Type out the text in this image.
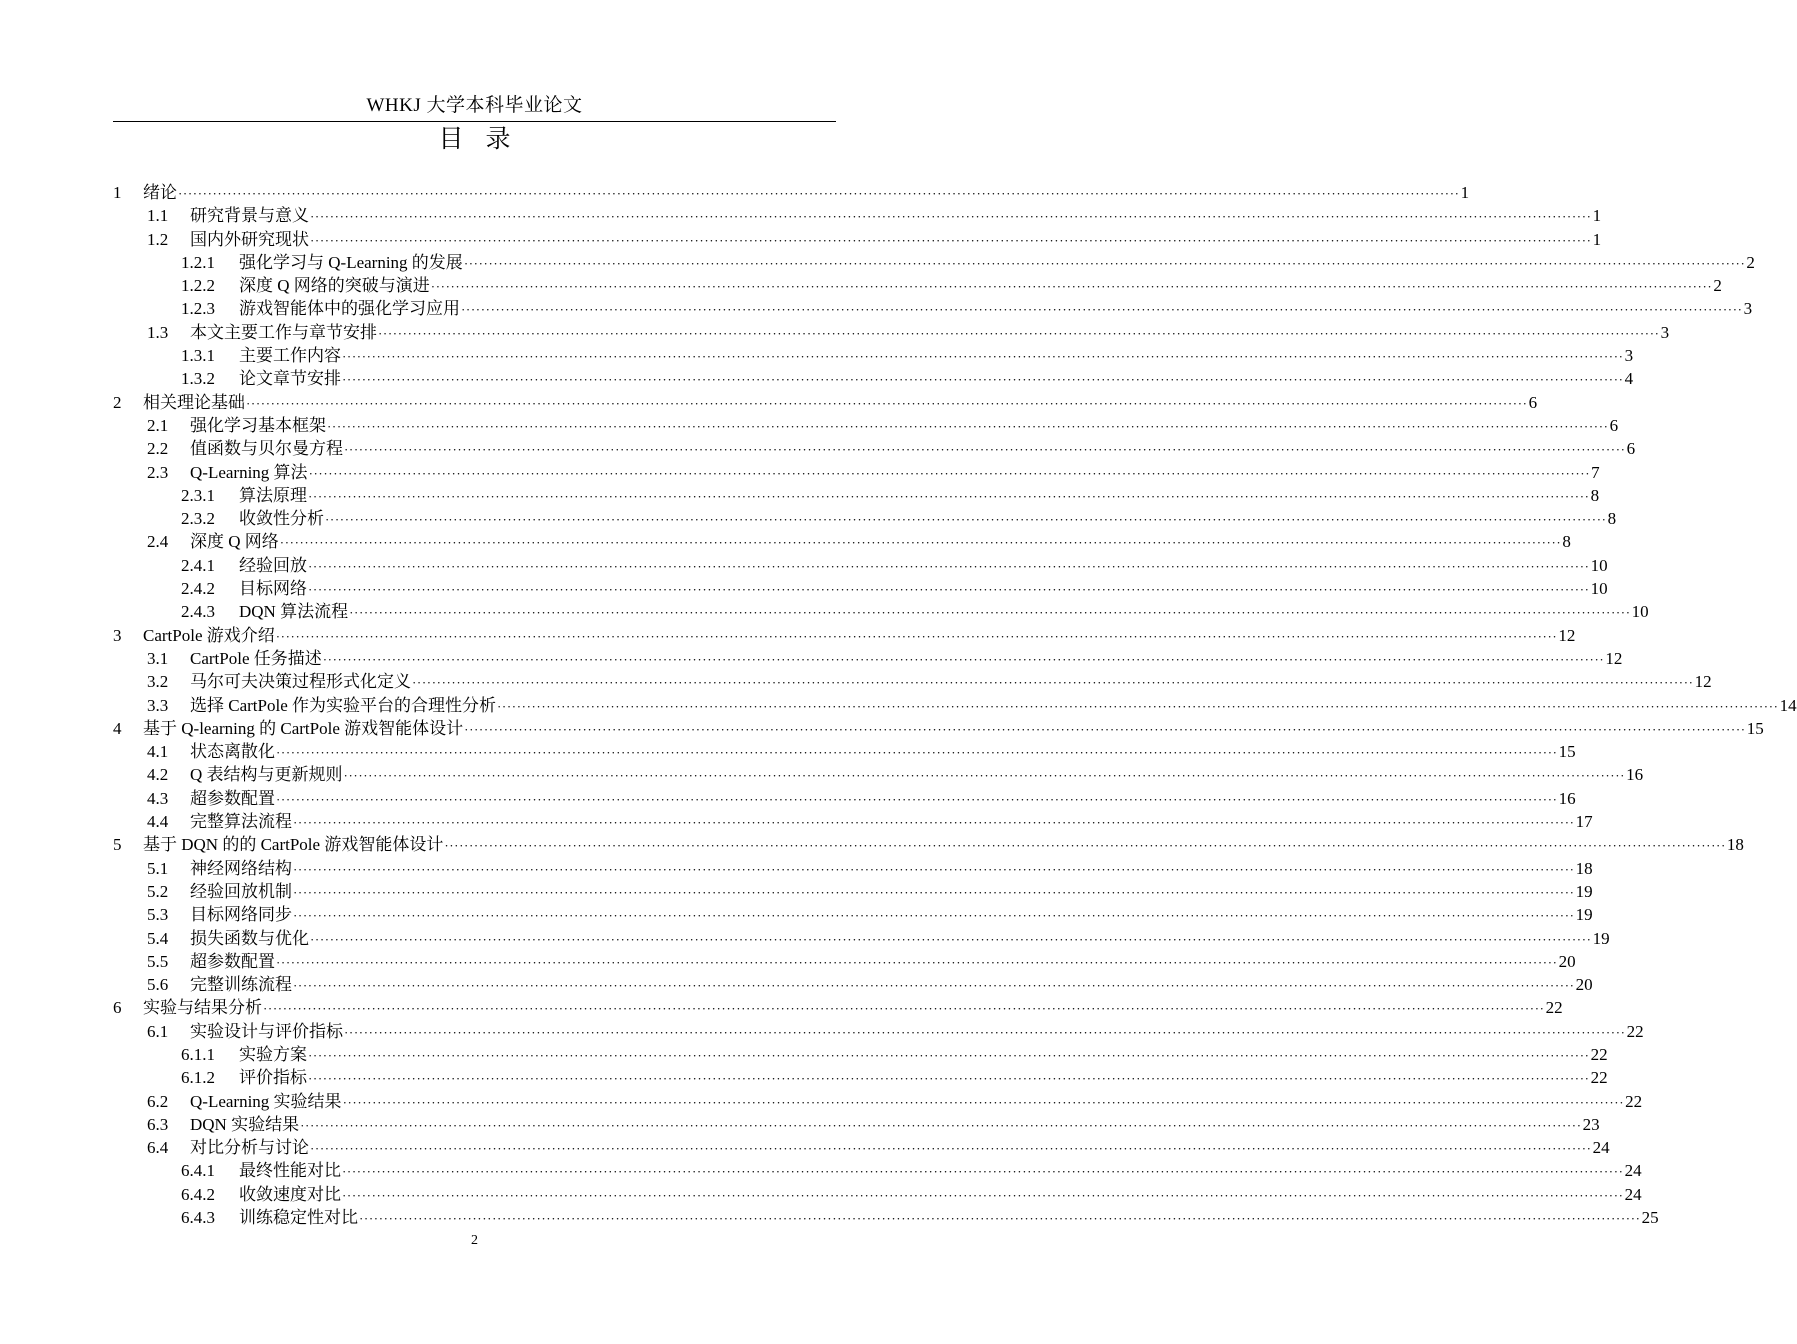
WHKJ 大学本科毕业论文
目录
1	绪论 ···································································································································································································································································· 1
1.1	研究背景与意义 ···································································································································································································································································· 1
1.2	国内外研究现状 ···································································································································································································································································· 1
1.2.1	强化学习与 Q-Learning 的发展 ···································································································································································································································································· 2
1.2.2	深度 Q 网络的突破与演进 ···································································································································································································································································· 2
1.2.3	游戏智能体中的强化学习应用 ···································································································································································································································································· 3
1.3	本文主要工作与章节安排 ···································································································································································································································································· 3
1.3.1	主要工作内容 ···································································································································································································································································· 3
1.3.2	论文章节安排 ···································································································································································································································································· 4
2	相关理论基础 ···································································································································································································································································· 6
2.1	强化学习基本框架 ···································································································································································································································································· 6
2.2	值函数与贝尔曼方程 ···································································································································································································································································· 6
2.3	Q-Learning 算法 ···································································································································································································································································· 7
2.3.1	算法原理 ···································································································································································································································································· 8
2.3.2	收敛性分析 ···································································································································································································································································· 8
2.4	深度 Q 网络 ···································································································································································································································································· 8
2.4.1	经验回放 ···································································································································································································································································· 10
2.4.2	目标网络 ···································································································································································································································································· 10
2.4.3	DQN 算法流程 ···································································································································································································································································· 10
3	CartPole 游戏介绍 ···································································································································································································································································· 12
3.1	CartPole 任务描述 ···································································································································································································································································· 12
3.2	马尔可夫决策过程形式化定义 ···································································································································································································································································· 12
3.3	选择 CartPole 作为实验平台的合理性分析 ···································································································································································································································································· 14
4	基于 Q-learning 的 CartPole 游戏智能体设计 ···································································································································································································································································· 15
4.1	状态离散化 ···································································································································································································································································· 15
4.2	Q 表结构与更新规则 ···································································································································································································································································· 16
4.3	超参数配置 ···································································································································································································································································· 16
4.4	完整算法流程 ···································································································································································································································································· 17
5	基于 DQN 的的 CartPole 游戏智能体设计 ···································································································································································································································································· 18
5.1	神经网络结构 ···································································································································································································································································· 18
5.2	经验回放机制 ···································································································································································································································································· 19
5.3	目标网络同步 ···································································································································································································································································· 19
5.4	损失函数与优化 ···································································································································································································································································· 19
5.5	超参数配置 ···································································································································································································································································· 20
5.6	完整训练流程 ···································································································································································································································································· 20
6	实验与结果分析 ···································································································································································································································································· 22
6.1	实验设计与评价指标 ···································································································································································································································································· 22
6.1.1	实验方案 ···································································································································································································································································· 22
6.1.2	评价指标 ···································································································································································································································································· 22
6.2	Q-Learning 实验结果 ···································································································································································································································································· 22
6.3	DQN 实验结果 ···································································································································································································································································· 23
6.4	对比分析与讨论 ···································································································································································································································································· 24
6.4.1	最终性能对比 ···································································································································································································································································· 24
6.4.2	收敛速度对比 ···································································································································································································································································· 24
6.4.3	训练稳定性对比 ···································································································································································································································································· 25
2
